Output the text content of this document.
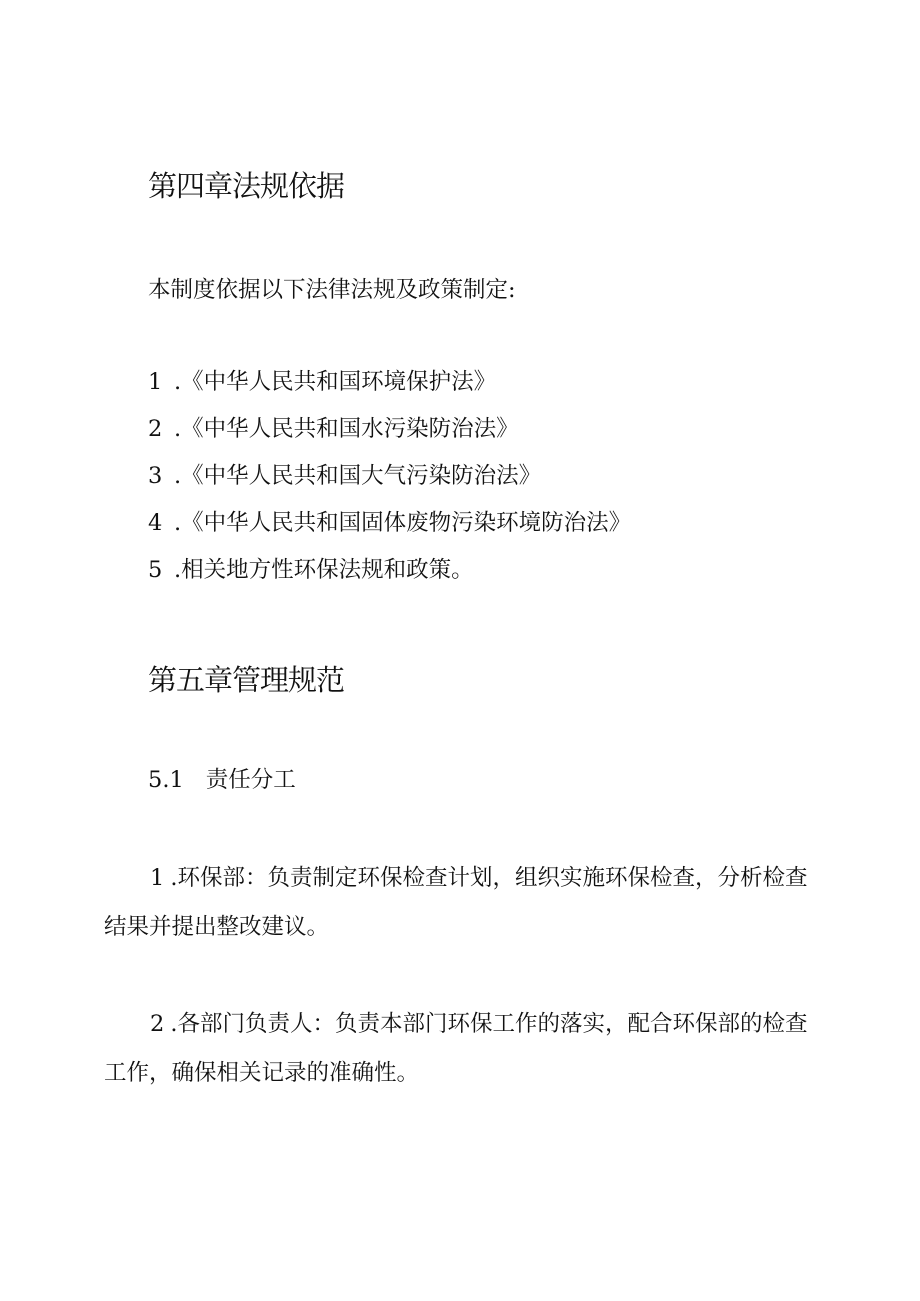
第四章法规依据

本制度依据以下法律法规及政策制定:

1 .《中华人民共和国环境保护法》

2 .《中华人民共和国水污染防治法》

3 .《中华人民共和国大气污染防治法》

4 .《中华人民共和国固体废物污染环境防治法》

5 .相关地方性环保法规和政策。

第五章管理规范

5.1 责任分工

1 .环保部：负责制定环保检查计划，组织实施环保检查，分析检查结果并提出整改建议。

2 .各部门负责人：负责本部门环保工作的落实，配合环保部的检查工作，确保相关记录的准确性。
